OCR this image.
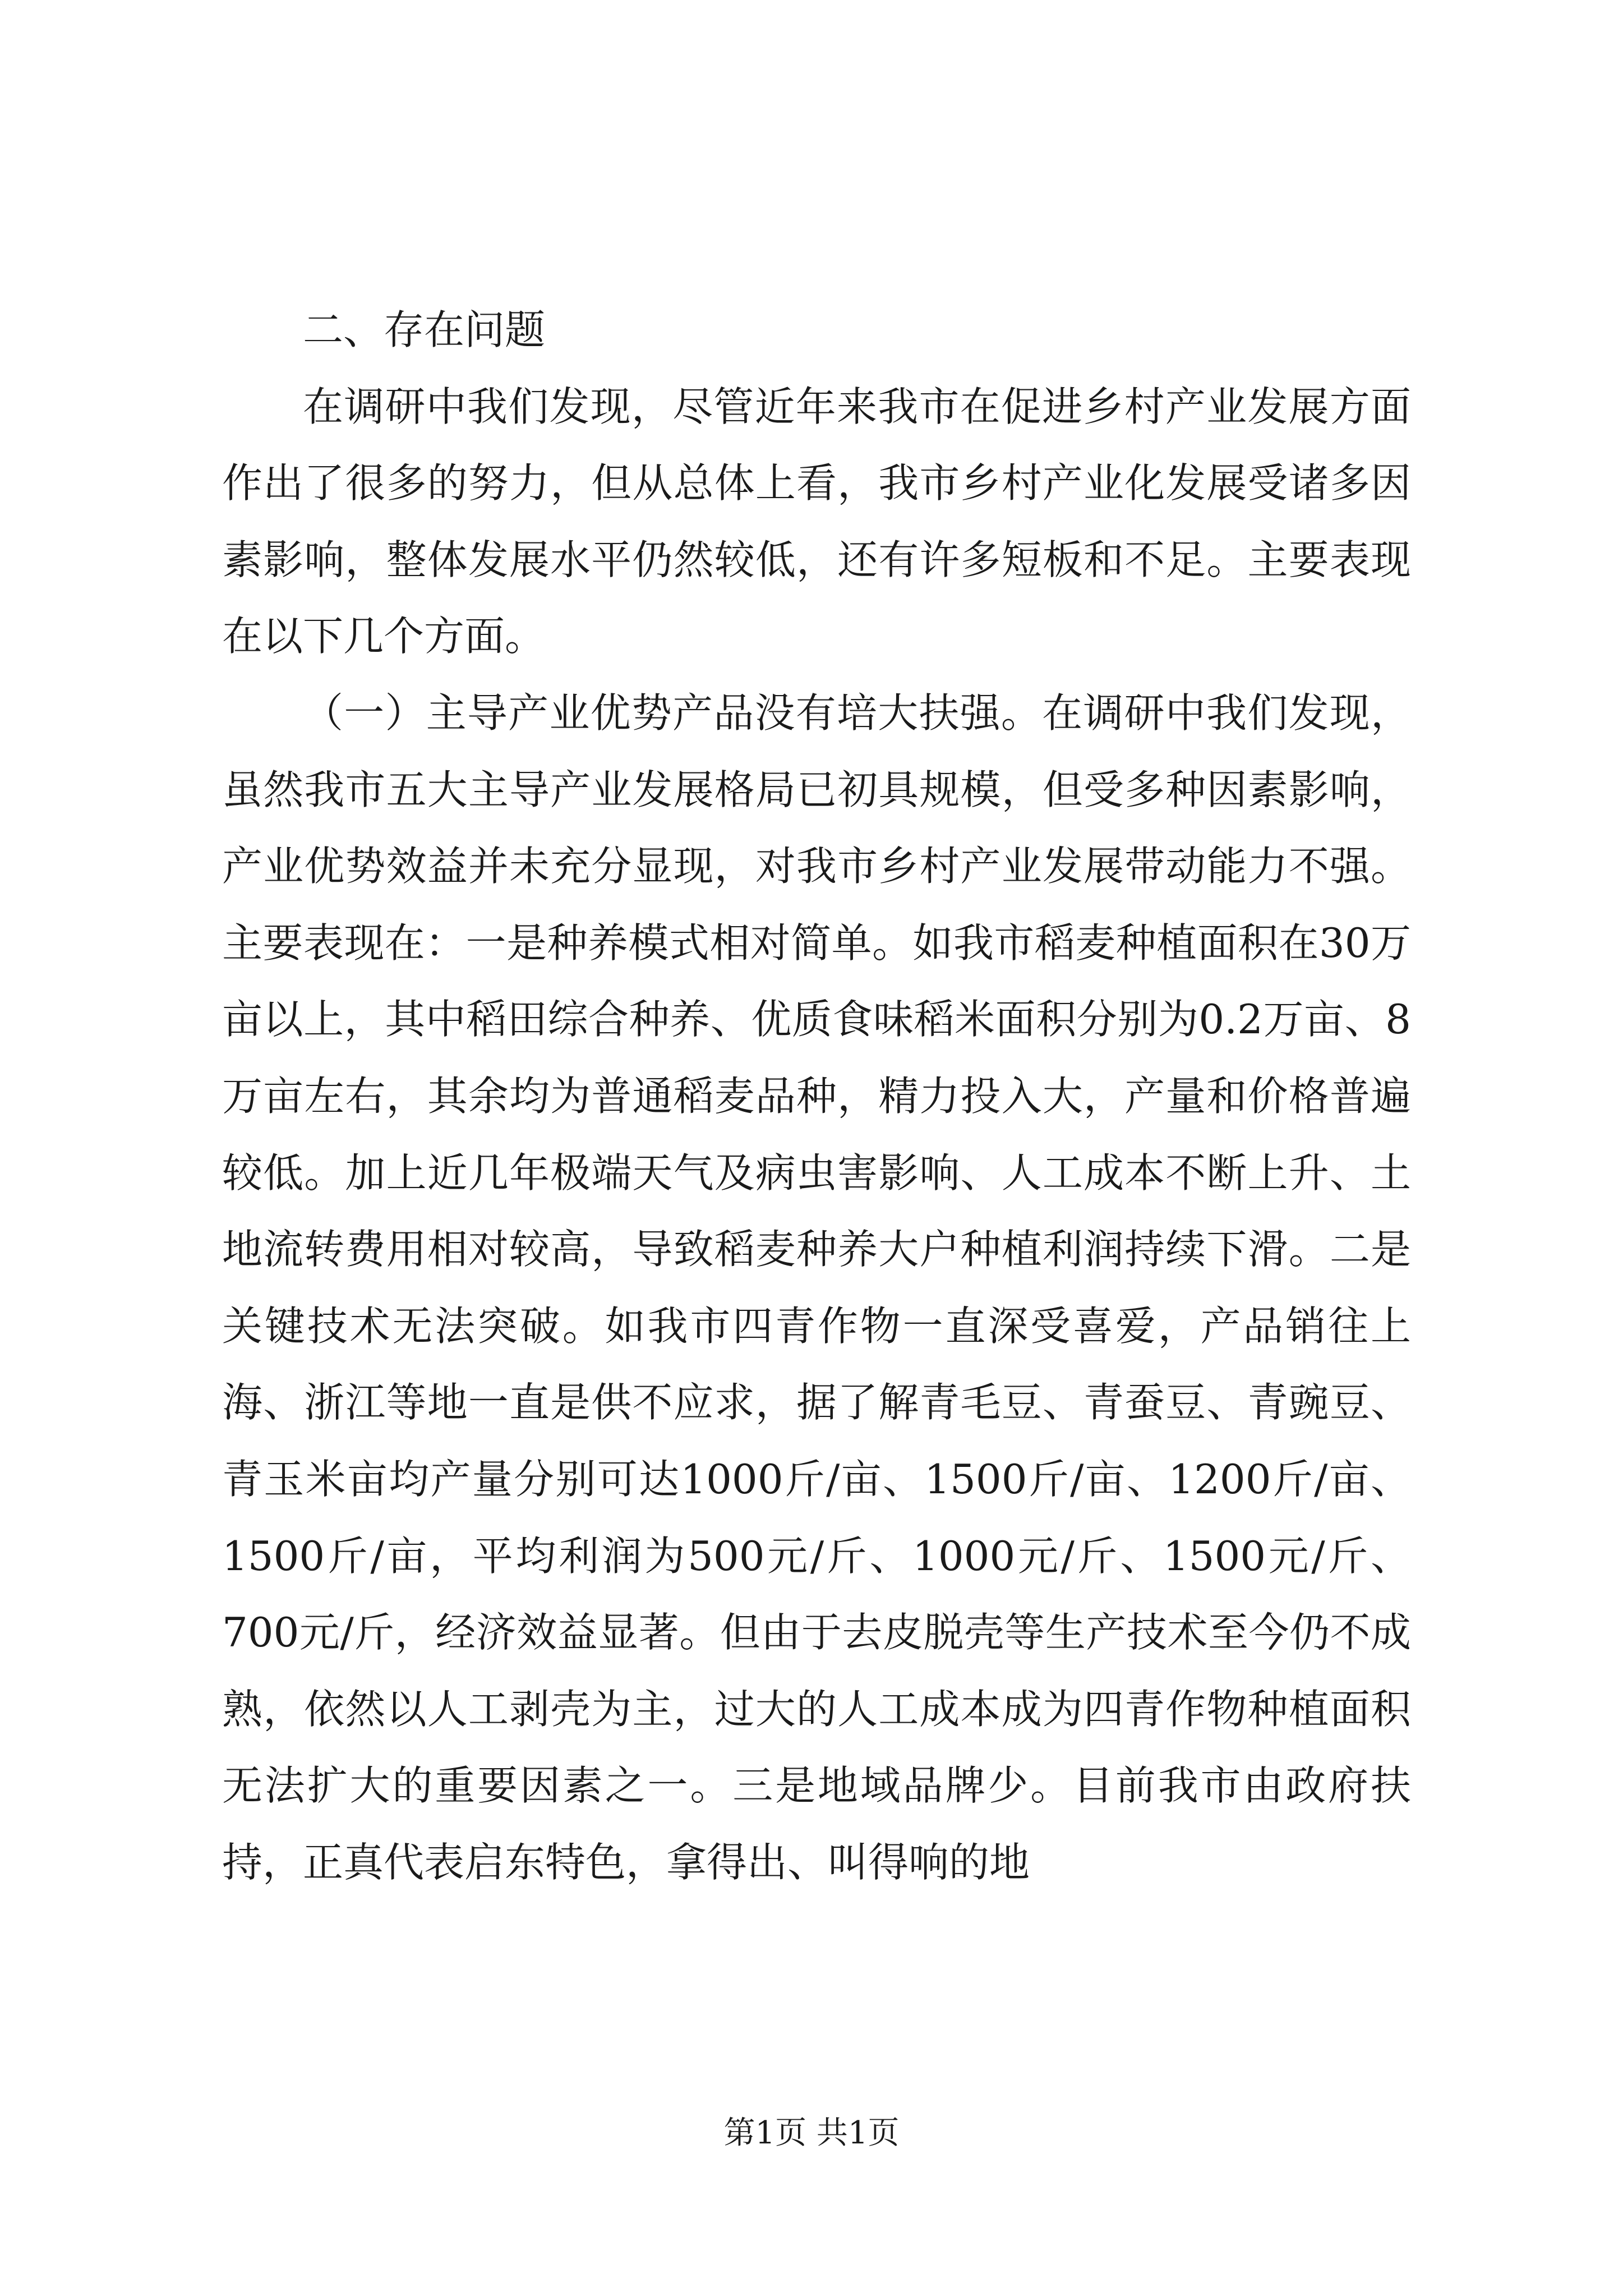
二、存在问题

在调研中我们发现，尽管近年来我市在促进乡村产业发展方面作出了很多的努力，但从总体上看，我市乡村产业化发展受诸多因素影响，整体发展水平仍然较低，还有许多短板和不足。主要表现在以下几个方面。

（一）主导产业优势产品没有培大扶强。在调研中我们发现，虽然我市五大主导产业发展格局已初具规模，但受多种因素影响，产业优势效益并未充分显现，对我市乡村产业发展带动能力不强。主要表现在：一是种养模式相对简单。如我市稻麦种植面积在30万亩以上，其中稻田综合种养、优质食味稻米面积分别为0.2万亩、8万亩左右，其余均为普通稻麦品种，精力投入大，产量和价格普遍较低。加上近几年极端天气及病虫害影响、人工成本不断上升、土地流转费用相对较高，导致稻麦种养大户种植利润持续下滑。二是关键技术无法突破。如我市四青作物一直深受喜爱，产品销往上海、浙江等地一直是供不应求，据了解青毛豆、青蚕豆、青豌豆、青玉米亩均产量分别可达1000斤/亩、1500斤/亩、1200斤/亩、1500斤/亩，平均利润为500元/斤、1000元/斤、1500元/斤、700元/斤，经济效益显著。但由于去皮脱壳等生产技术至今仍不成熟，依然以人工剥壳为主，过大的人工成本成为四青作物种植面积无法扩大的重要因素之一。三是地域品牌少。目前我市由政府扶持，正真代表启东特色，拿得出、叫得响的地

第1页 共1页
